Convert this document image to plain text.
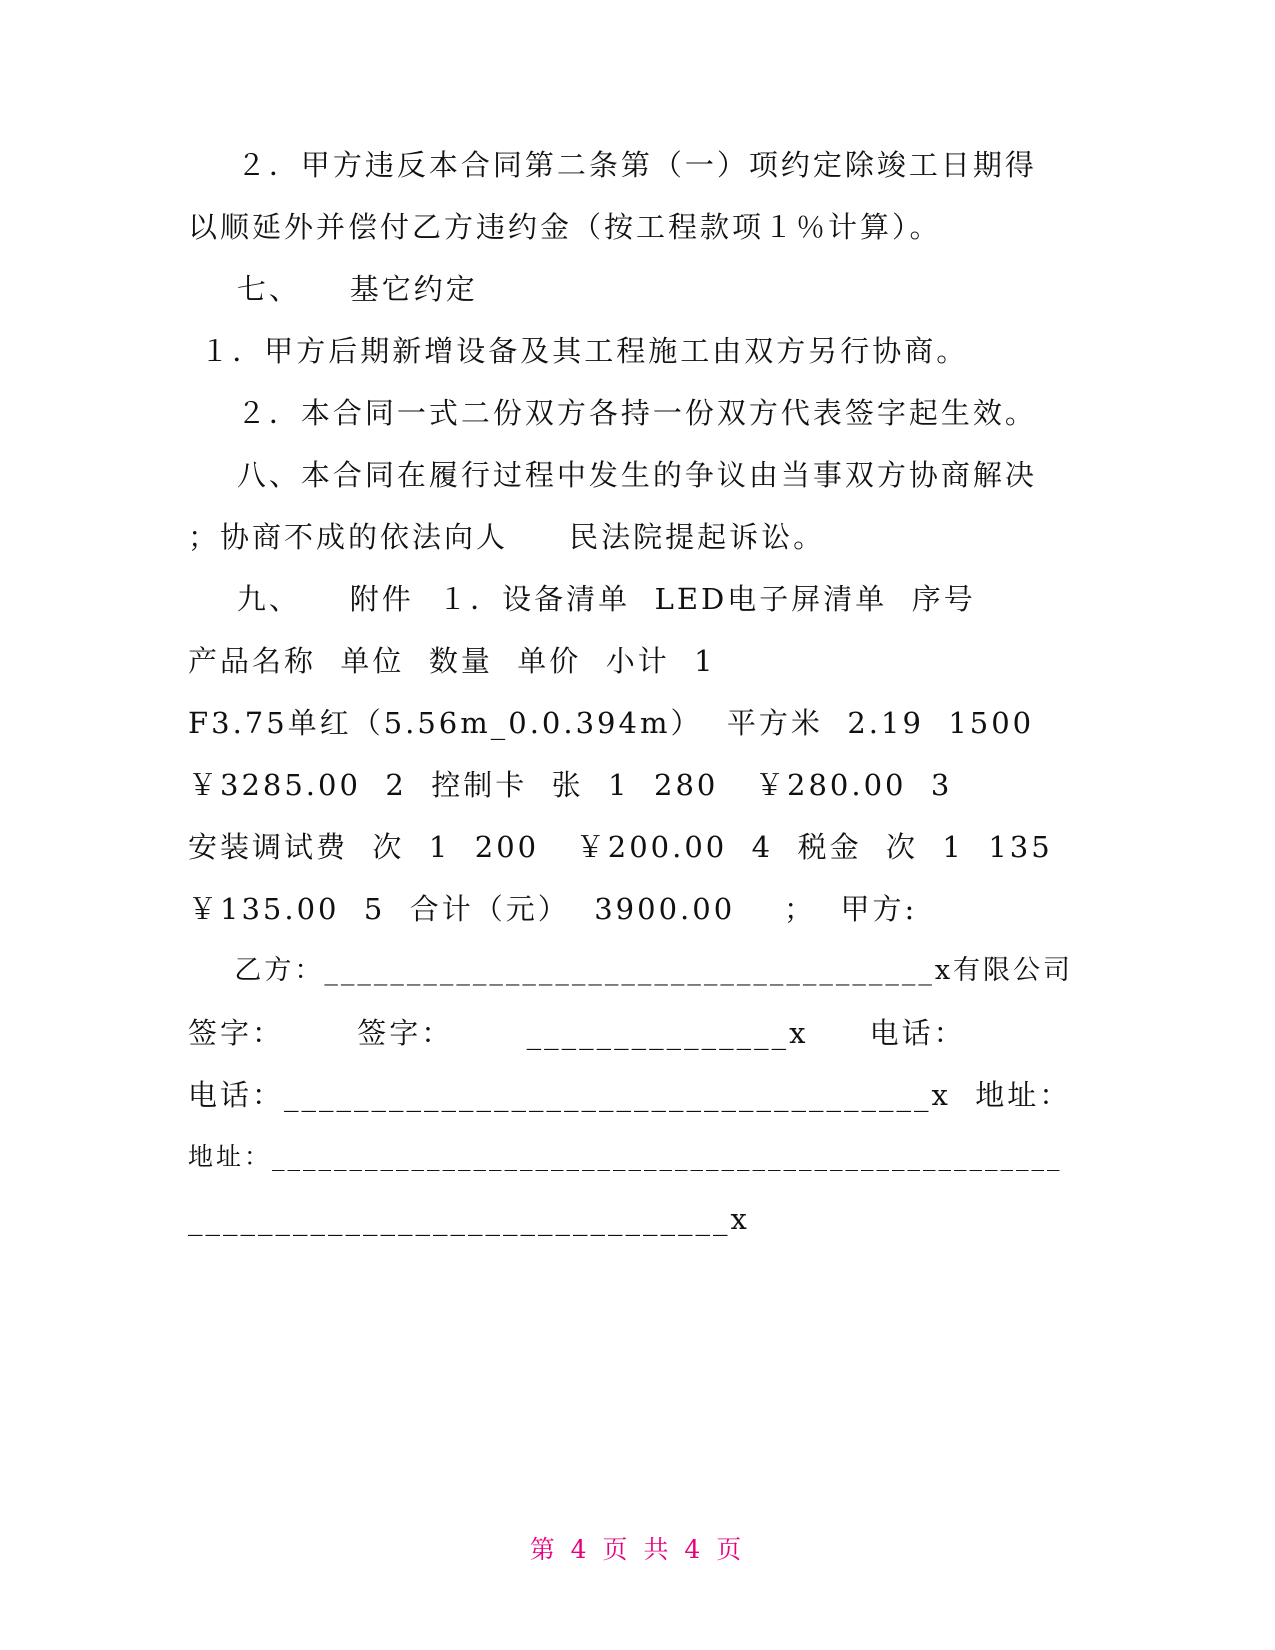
２．甲方违反本合同第二条第（一）项约定除竣工日期得
以顺延外并偿付乙方违约金（按工程款项１％计算）。
七、    基它约定
１．甲方后期新增设备及其工程施工由双方另行协商。
２．本合同一式二份双方各持一份双方代表签字起生效。
八、本合同在履行过程中发生的争议由当事双方协商解决
；协商不成的依法向人     民法院提起诉讼。
九、    附件  １．设备清单  LED电子屏清单  序号
产品名称  单位  数量  单价  小计  1
F3.75单红（5.56m_0.0.394m）  平方米  2.19  1500
￥3285.00  2  控制卡  张  1  280   ￥280.00  3
安装调试费  次  1  200   ￥200.00  4  税金  次  1  135
￥135.00  5  合计（元）  3900.00    ；  甲方:
乙方：_____________________________________x有限公司
签字：      签字：      _______________x     电话：
电话：_____________________________________x  地址：
地址：___________________________________________________
_______________________________x
第 4 页 共 4 页
